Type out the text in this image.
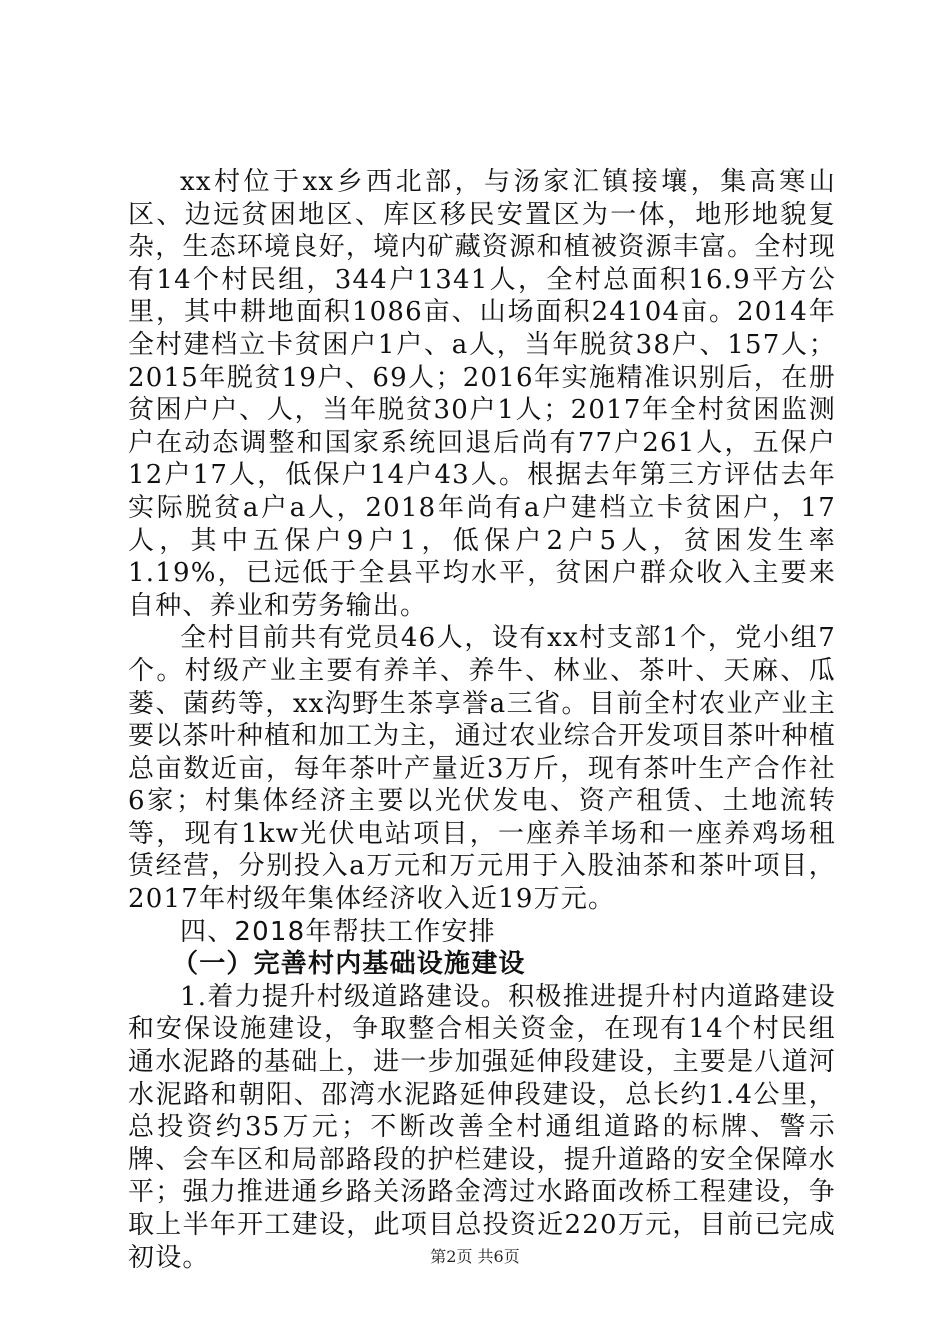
xx村位于xx乡西北部，与汤家汇镇接壤，集高寒山区、边远贫困地区、库区移民安置区为一体，地形地貌复杂，生态环境良好，境内矿藏资源和植被资源丰富。全村现有14个村民组，344户1341人，全村总面积16.9平方公里，其中耕地面积1086亩、山场面积24104亩。2014年全村建档立卡贫困户1户、a人，当年脱贫38户、157人；2015年脱贫19户、69人；2016年实施精准识别后，在册贫困户户、人，当年脱贫30户1人；2017年全村贫困监测户在动态调整和国家系统回退后尚有77户261人，五保户12户17人，低保户14户43人。根据去年第三方评估去年实际脱贫a户a人，2018年尚有a户建档立卡贫困户，17人，其中五保户9户1，低保户2户5人，贫困发生率1.19%，已远低于全县平均水平，贫困户群众收入主要来自种、养业和劳务输出。

全村目前共有党员46人，设有xx村支部1个，党小组7个。村级产业主要有养羊、养牛、林业、茶叶、天麻、瓜蒌、菌药等，xx沟野生茶享誉a三省。目前全村农业产业主要以茶叶种植和加工为主，通过农业综合开发项目茶叶种植总亩数近亩，每年茶叶产量近3万斤，现有茶叶生产合作社6家；村集体经济主要以光伏发电、资产租赁、土地流转等，现有1kw光伏电站项目，一座养羊场和一座养鸡场租赁经营，分别投入a万元和万元用于入股油茶和茶叶项目，2017年村级年集体经济收入近19万元。

四、2018年帮扶工作安排
（一）完善村内基础设施建设

1.着力提升村级道路建设。积极推进提升村内道路建设和安保设施建设，争取整合相关资金，在现有14个村民组通水泥路的基础上，进一步加强延伸段建设，主要是八道河水泥路和朝阳、邵湾水泥路延伸段建设，总长约1.4公里，总投资约35万元；不断改善全村通组道路的标牌、警示牌、会车区和局部路段的护栏建设，提升道路的安全保障水平；强力推进通乡路关汤路金湾过水路面改桥工程建设，争取上半年开工建设，此项目总投资近220万元，目前已完成初设。	第2页 共6页
